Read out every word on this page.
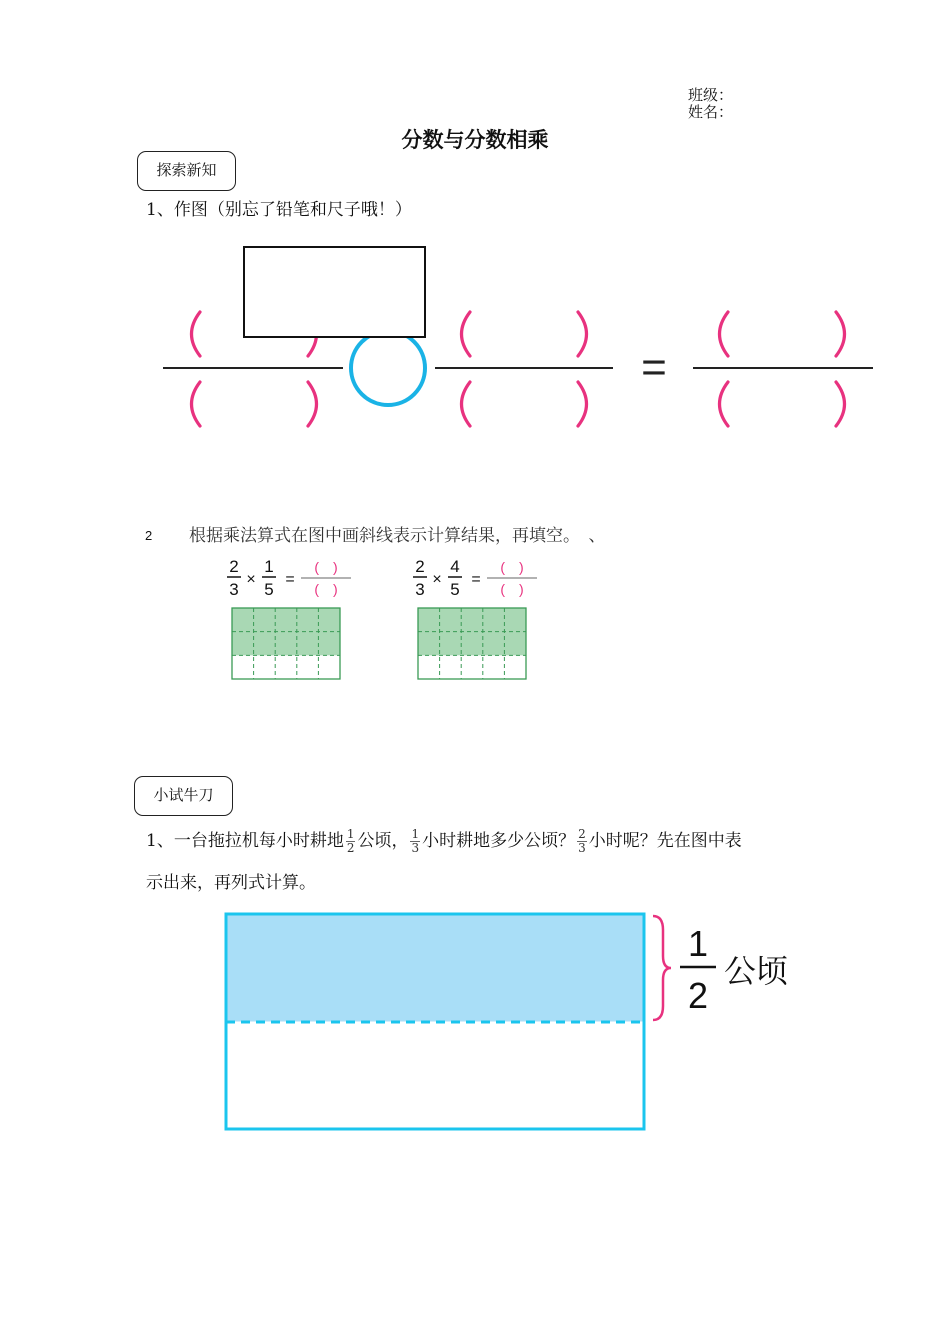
班级：
姓名：
分数与分数相乘
探索新知
1、作图（别忘了铅笔和尺子哦！）
=
2 根据乘法算式在图中画斜线表示计算结果，再填空。　、
2
3
×
1
5
=
(　)
(　)
2
3
×
4
5
=
(　)
(　)
小试牛刀
1、一台拖拉机每小时耕地 $\frac{1}{2}$ 公顷， $\frac{1}{3}$ 小时耕地多少公顷？ $\frac{2}{3}$ 小时呢？先在图中表
示出来，再列式计算。
1
2
公顷
